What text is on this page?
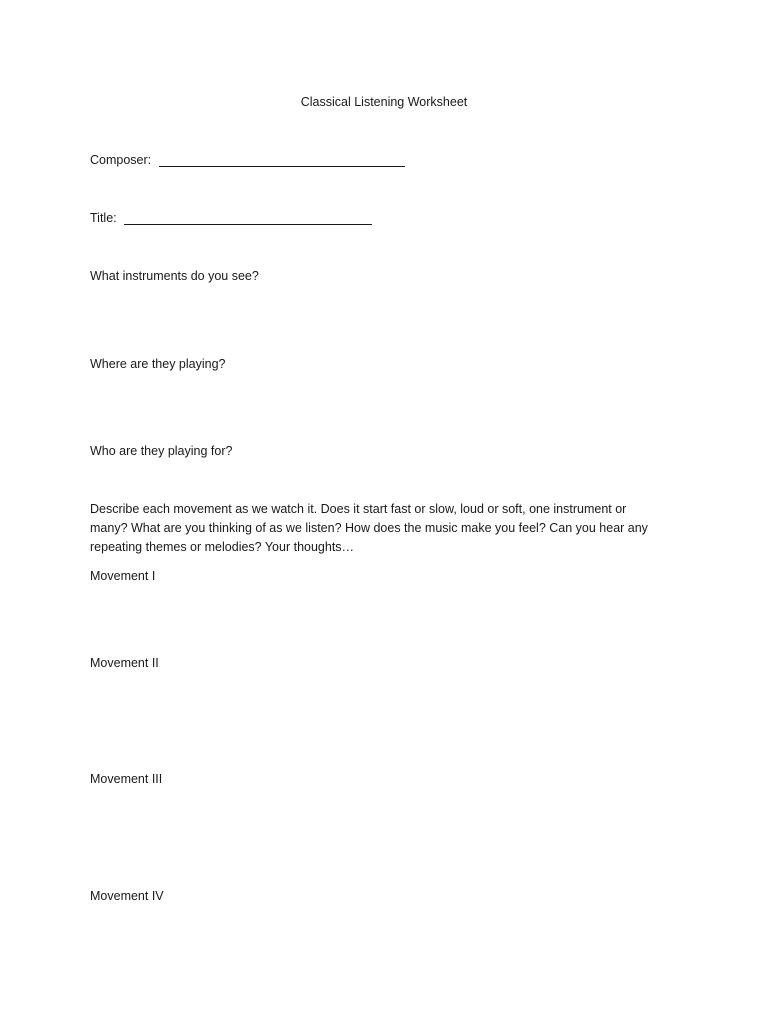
Classical Listening Worksheet
Composer:
Title:
What instruments do you see?
Where are they playing?
Who are they playing for?
Describe each movement as we watch it. Does it start fast or slow, loud or soft, one instrument or
many? What are you thinking of as we listen? How does the music make you feel? Can you hear any
repeating themes or melodies? Your thoughts…
Movement I
Movement II
Movement III
Movement IV
